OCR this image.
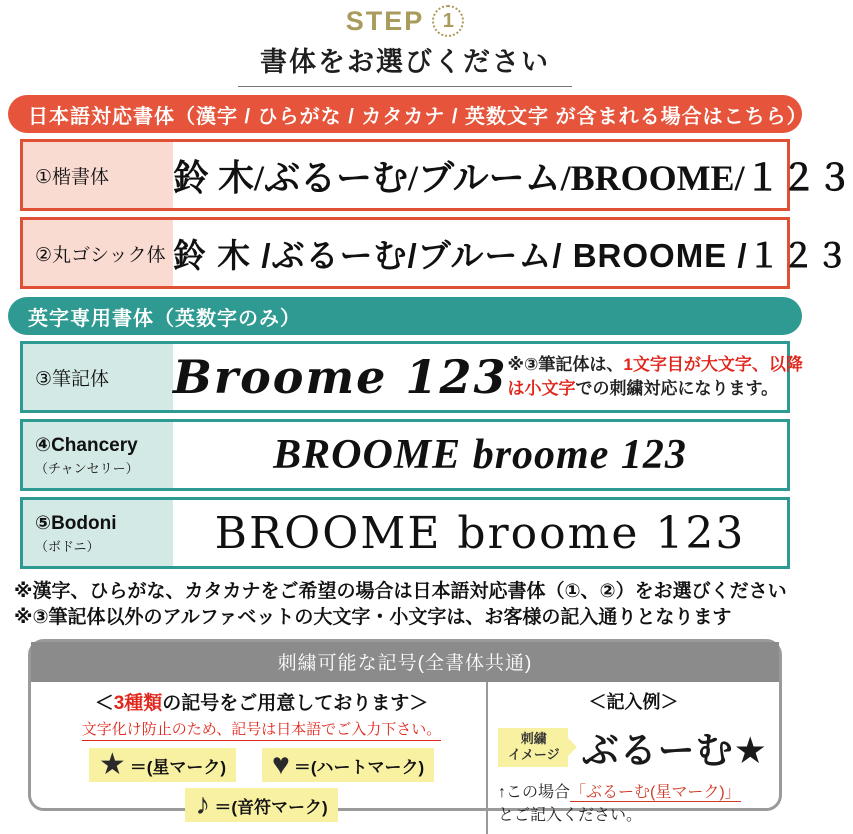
STEP 1
書体をお選びください
日本語対応書体（漢字 / ひらがな / カタカナ / 英数文字 が含まれる場合はこちら）
①楷書体	鈴 木/ぶるーむ/ブルーム/BROOME/１２３
②丸ゴシック体 鈴 木 /ぶるーむ/ブルーム/ BROOME /１２３
英字専用書体（英数字のみ）
③筆記体	Broome 123 ※③筆記体は、1文字目が大文字、以降は小文字での刺繍対応になります。
④Chancery
（チャンセリー）	BROOME broome 123
⑤Bodoni
（ボドニ）	BROOME broome 123

※漢字、ひらがな、カタカナをご希望の場合は日本語対応書体（①、②）をお選びください

※③筆記体以外のアルファベットの大文字・小文字は、お客様の記入通りとなります

刺繍可能な記号(全書体共通)
＜3種類の記号をご用意しております＞
文字化け防止のため、記号は日本語でご入力下さい。
★ ＝(星マーク) ♥ ＝(ハートマーク)
♪ ＝(音符マーク)
＜記入例＞
刺繍
イメージ ぶるーむ★
↑この場合「ぶるーむ(星マーク)」
とご記入ください。
